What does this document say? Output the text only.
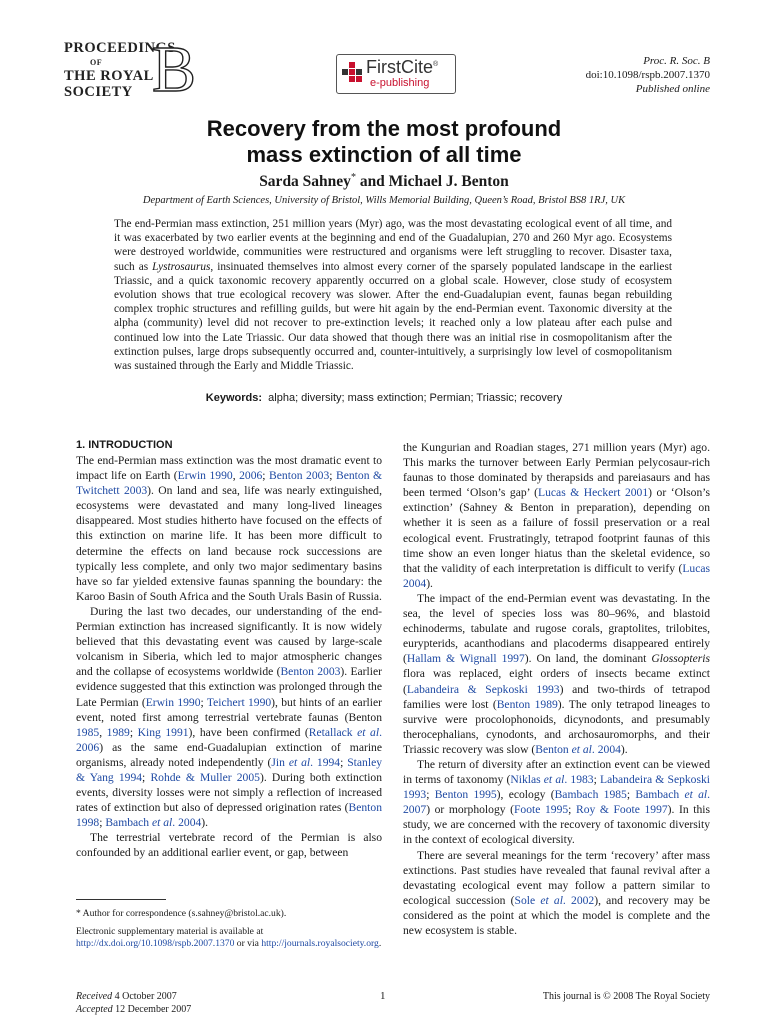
PROCEEDINGS
OF
THE ROYAL
SOCIETY B	FirstCite®
e-publishing
Proc. R. Soc. B
doi:10.1098/rspb.2007.1370
Published online
Recovery from the most profound
mass extinction of all time
Sarda Sahney* and Michael J. Benton
Department of Earth Sciences, University of Bristol, Wills Memorial Building, Queen’s Road, Bristol BS8 1RJ, UK
The end-Permian mass extinction, 251 million years (Myr) ago, was the most devastating ecological event of all time, and it was exacerbated by two earlier events at the beginning and end of the Guadalupian, 270 and 260 Myr ago. Ecosystems were destroyed worldwide, communities were restructured and organisms were left struggling to recover. Disaster taxa, such as Lystrosaurus, insinuated themselves into almost every corner of the sparsely populated landscape in the earliest Triassic, and a quick taxonomic recovery apparently occurred on a global scale. However, close study of ecosystem evolution shows that true ecological recovery was slower. After the end-Guadalupian event, faunas began rebuilding complex trophic structures and refilling guilds, but were hit again by the end-Permian event. Taxonomic diversity at the alpha (community) level did not recover to pre-extinction levels; it reached only a low plateau after each pulse and continued low into the Late Triassic. Our data showed that though there was an initial rise in cosmopolitanism after the extinction pulses, large drops subsequently occurred and, counter-intuitively, a surprisingly low level of cosmopolitanism was sustained through the Early and Middle Triassic.
Keywords: alpha; diversity; mass extinction; Permian; Triassic; recovery
1. INTRODUCTION

The end-Permian mass extinction was the most dramatic event to impact life on Earth (Erwin 1990, 2006; Benton 2003; Benton & Twitchett 2003). On land and sea, life was nearly extinguished, ecosystems were devastated and many long-lived lineages disappeared. Most studies hitherto have focused on the effects of this extinction on marine life. It has been more difficult to determine the effects on land because rock successions are typically less complete, and only two major sedimentary basins have so far yielded extensive faunas spanning the boundary: the Karoo Basin of South Africa and the South Urals Basin of Russia.

During the last two decades, our understanding of the end-Permian extinction has increased significantly. It is now widely believed that this devastating event was caused by large-scale volcanism in Siberia, which led to major atmospheric changes and the collapse of ecosystems worldwide (Benton 2003). Earlier evidence suggested that this extinction was prolonged through the Late Permian (Erwin 1990; Teichert 1990), but hints of an earlier event, noted first among terrestrial vertebrate faunas (Benton 1985, 1989; King 1991), have been confirmed (Retallack et al. 2006) as the same end-Guadalupian extinction of marine organisms, already noted independently (Jin et al. 1994; Stanley & Yang 1994; Rohde & Muller 2005). During both extinction events, diversity losses were not simply a reflection of increased rates of extinction but also of depressed origination rates (Benton 1998; Bambach et al. 2004).

The terrestrial vertebrate record of the Permian is also confounded by an additional earlier event, or gap, between

the Kungurian and Roadian stages, 271 million years (Myr) ago. This marks the turnover between Early Permian pelycosaur-rich faunas to those dominated by therapsids and pareiasaurs and has been termed ‘Olson’s gap’ (Lucas & Heckert 2001) or ‘Olson’s extinction’ (Sahney & Benton in preparation), depending on whether it is seen as a failure of fossil preservation or a real ecological event. Frustratingly, tetrapod footprint faunas of this time show an even longer hiatus than the skeletal evidence, so that the validity of each interpretation is difficult to verify (Lucas 2004).

The impact of the end-Permian event was devastating. In the sea, the level of species loss was 80–96%, and blastoid echinoderms, tabulate and rugose corals, graptolites, trilobites, eurypterids, acanthodians and placoderms disappeared entirely (Hallam & Wignall 1997). On land, the dominant Glossopteris flora was replaced, eight orders of insects became extinct (Labandeira & Sepkoski 1993) and two-thirds of tetrapod families were lost (Benton 1989). The only tetrapod lineages to survive were procolophonoids, dicynodonts, and presumably therocephalians, cynodonts, and archosauromorphs, and their Triassic recovery was slow (Benton et al. 2004).

The return of diversity after an extinction event can be viewed in terms of taxonomy (Niklas et al. 1983; Labandeira & Sepkoski 1993; Benton 1995), ecology (Bambach 1985; Bambach et al. 2007) or morphology (Foote 1995; Roy & Foote 1997). In this study, we are concerned with the recovery of taxonomic diversity in the context of ecological diversity.

There are several meanings for the term ‘recovery’ after mass extinctions. Past studies have revealed that faunal revival after a devastating ecological event may follow a pattern similar to ecological succession (Sole et al. 2002), and recovery may be considered as the point at which the model is complete and the new ecosystem is stable.

* Author for correspondence (s.sahney@bristol.ac.uk).
Electronic supplementary material is available at http://dx.doi.org/10.1098/rspb.2007.1370 or via http://journals.royalsociety.org.
Received 4 October 2007
Accepted 12 December 2007
1	This journal is © 2008 The Royal Society
